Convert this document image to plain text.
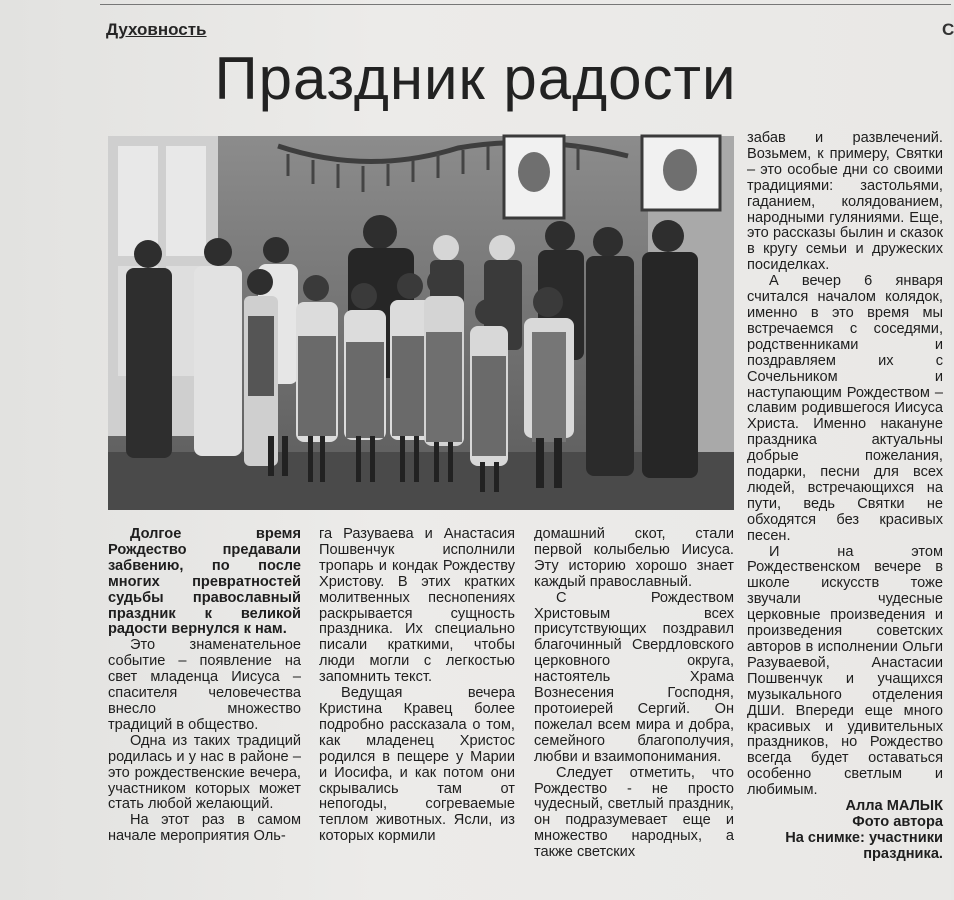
Духовность	С
Праздник радости

Долгое время Рождество предавали забвению, по после многих превратностей судьбы православный праздник к великой радости вернулся к нам.

Это знаменательное событие – появление на свет младенца Иисуса – спасителя человечества внесло множество традиций в общество.

Одна из таких традиций родилась и у нас в районе – это рождественские вечера, участником которых может стать любой желающий.

На этот раз в самом начале мероприятия Оль-

га Разуваева и Анастасия Пошвенчук исполнили тропарь и кондак Рождеству Христову. В этих кратких молитвенных песнопениях раскрывается сущность праздника. Их специально писали краткими, чтобы люди могли с легкостью запомнить текст.

Ведущая вечера Кристина Кравец более подробно рассказала о том, как младенец Христос родился в пещере у Марии и Иосифа, и как потом они скрывались там от непогоды, согреваемые теплом животных. Ясли, из которых кормили

домашний скот, стали первой колыбелью Иисуса. Эту историю хорошо знает каждый православный.

С Рождеством Христовым всех присутствующих поздравил благочинный Свердловского церковного округа, настоятель Храма Вознесения Господня, протоиерей Сергий. Он пожелал всем мира и добра, семейного благополучия, любви и взаимопонимания.

Следует отметить, что Рождество - не просто чудесный, светлый праздник, он подразумевает еще и множество народных, а также светских

забав и развлечений. Возьмем, к примеру, Святки – это особые дни со своими традициями: застольями, гаданием, колядованием, народными гуляниями. Еще, это рассказы былин и сказок в кругу семьи и дружеских посиделках.

А вечер 6 января считался началом колядок, именно в это время мы встречаемся с соседями, родственниками и поздравляем их с Сочельником и наступающим Рождеством – славим родившегося Иисуса Христа. Именно накануне праздника актуальны добрые пожелания, подарки, песни для всех людей, встречающихся на пути, ведь Святки не обходятся без красивых песен.

И на этом Рождественском вечере в школе искусств тоже звучали чудесные церковные произведения и произведения советских авторов в исполнении Ольги Разуваевой, Анастасии Пошвенчук и учащихся музыкального отделения ДШИ. Впереди еще много красивых и удивительных праздников, но Рождество всегда будет оставаться особенно светлым и любимым.

Алла МАЛЫК
Фото автора
На снимке: участники праздника.
